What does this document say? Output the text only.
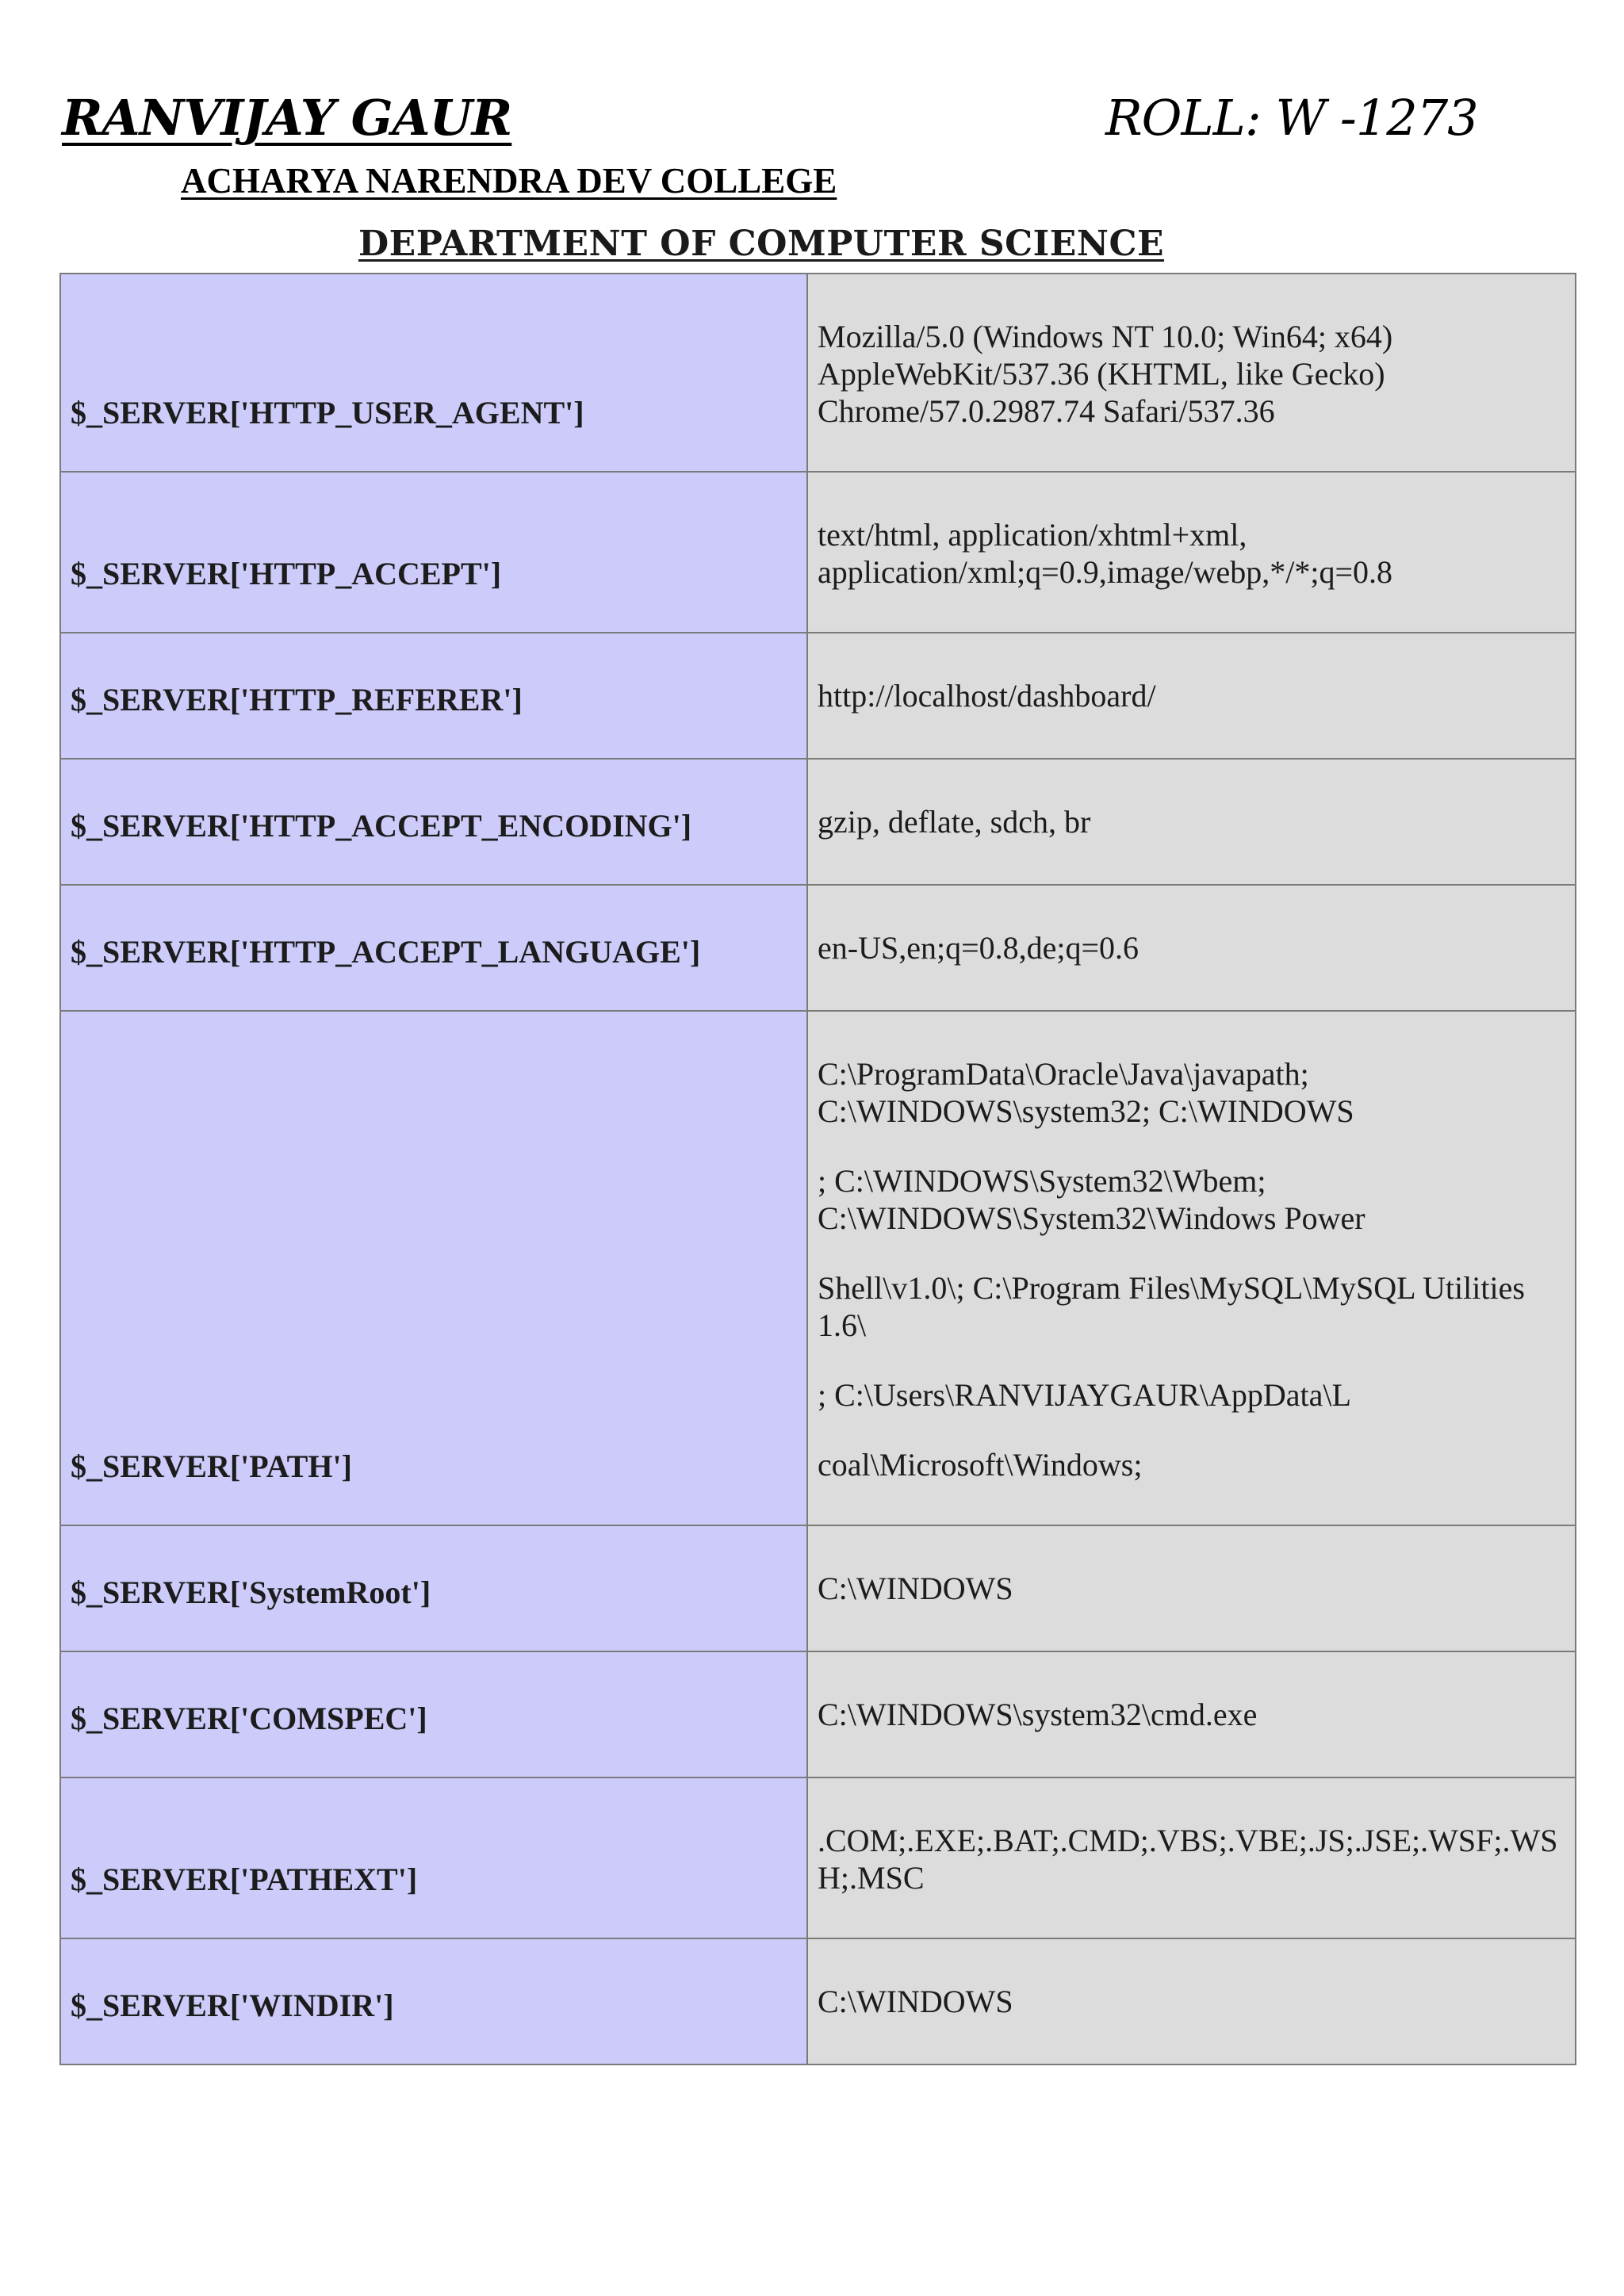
RANVIJAY GAUR	ROLL: W -1273
ACHARYA NARENDRA DEV COLLEGE
DEPARTMENT OF COMPUTER SCIENCE
$_SERVER['HTTP_USER_AGENT']	Mozilla/5.0 (Windows NT 10.0; Win64; x64) AppleWebKit/537.36 (KHTML, like Gecko) Chrome/57.0.2987.74 Safari/537.36

$_SERVER['HTTP_ACCEPT']	text/html, application/xhtml+xml, application/xml;q=0.9,image/webp,*/*;q=0.8

$_SERVER['HTTP_REFERER']	http://localhost/dashboard/

$_SERVER['HTTP_ACCEPT_ENCODING']	gzip, deflate, sdch, br

$_SERVER['HTTP_ACCEPT_LANGUAGE']	en-US,en;q=0.8,de;q=0.6

$_SERVER['PATH']	C:\ProgramData\Oracle\Java\javapath; C:\WINDOWS\system32; C:\WINDOWS

; C:\WINDOWS\System32\Wbem; C:\WINDOWS\System32\Windows Power

Shell\v1.0\; C:\Program Files\MySQL\MySQL Utilities 1.6\

; C:\Users\RANVIJAYGAUR\AppData\L

coal\Microsoft\Windows;

$_SERVER['SystemRoot']	C:\WINDOWS

$_SERVER['COMSPEC']	C:\WINDOWS\system32\cmd.exe

$_SERVER['PATHEXT']	.COM;.EXE;.BAT;.CMD;.VBS;.VBE;.JS;.JSE;.WSF;.WS H;.MSC

$_SERVER['WINDIR']	C:\WINDOWS
